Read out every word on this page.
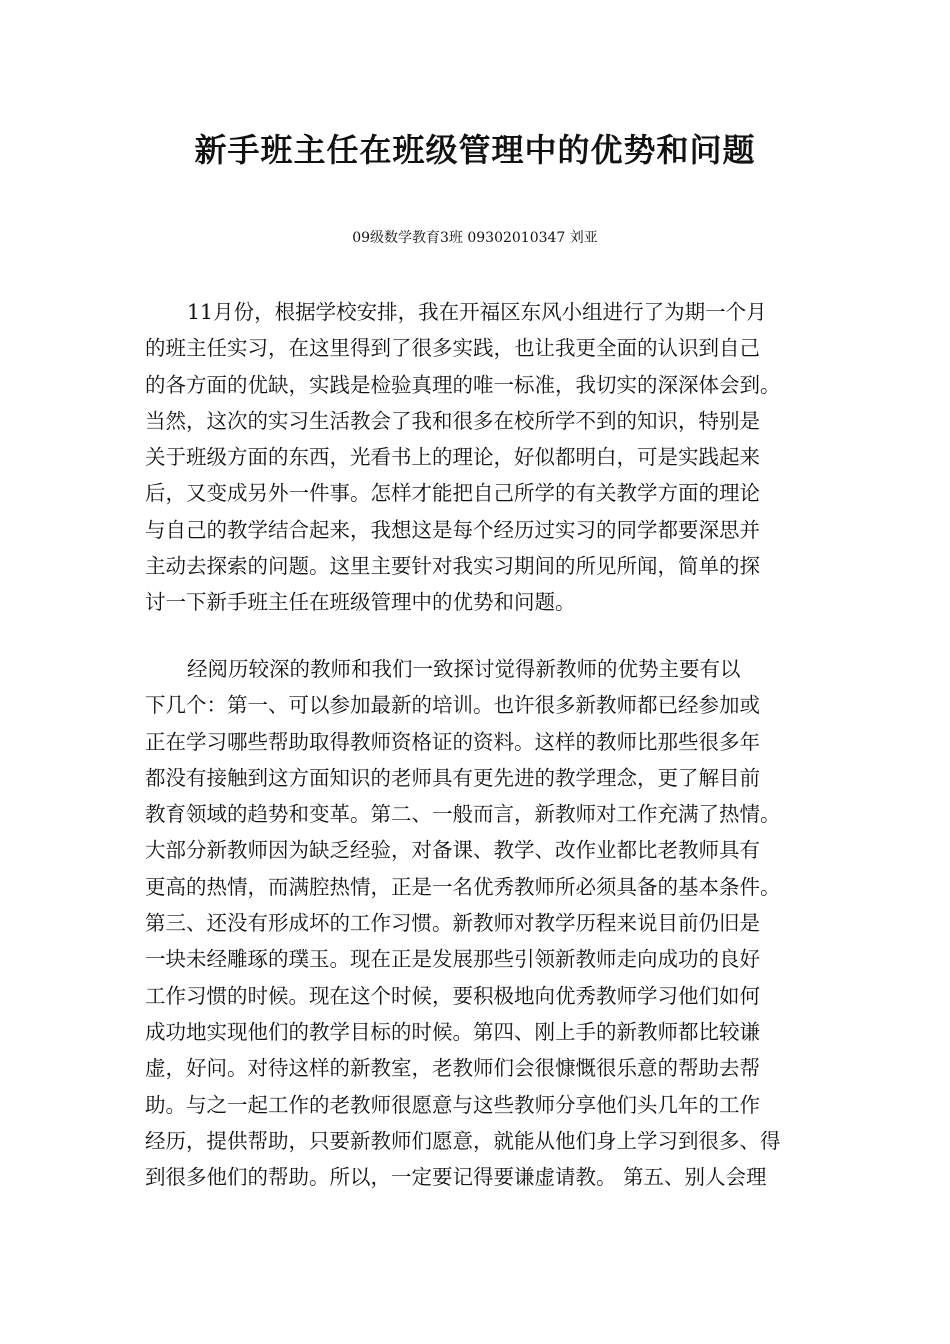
新手班主任在班级管理中的优势和问题

09级数学教育3班 09302010347 刘亚

11月份，根据学校安排，我在开福区东风小组进行了为期一个月
的班主任实习，在这里得到了很多实践，也让我更全面的认识到自己
的各方面的优缺，实践是检验真理的唯一标准，我切实的深深体会到。
当然，这次的实习生活教会了我和很多在校所学不到的知识，特别是
关于班级方面的东西，光看书上的理论，好似都明白，可是实践起来
后，又变成另外一件事。怎样才能把自己所学的有关教学方面的理论
与自己的教学结合起来，我想这是每个经历过实习的同学都要深思并
主动去探索的问题。这里主要针对我实习期间的所见所闻，简单的探
讨一下新手班主任在班级管理中的优势和问题。
经阅历较深的教师和我们一致探讨觉得新教师的优势主要有以
下几个：第一、可以参加最新的培训。也许很多新教师都已经参加或
正在学习哪些帮助取得教师资格证的资料。这样的教师比那些很多年
都没有接触到这方面知识的老师具有更先进的教学理念，更了解目前
教育领域的趋势和变革。第二、一般而言，新教师对工作充满了热情。
大部分新教师因为缺乏经验，对备课、教学、改作业都比老教师具有
更高的热情，而满腔热情，正是一名优秀教师所必须具备的基本条件。
第三、还没有形成坏的工作习惯。新教师对教学历程来说目前仍旧是
一块未经雕琢的璞玉。现在正是发展那些引领新教师走向成功的良好
工作习惯的时候。现在这个时候，要积极地向优秀教师学习他们如何
成功地实现他们的教学目标的时候。第四、刚上手的新教师都比较谦
虚，好问。对待这样的新教室，老教师们会很慷慨很乐意的帮助去帮
助。与之一起工作的老教师很愿意与这些教师分享他们头几年的工作
经历，提供帮助，只要新教师们愿意，就能从他们身上学习到很多、得
到很多他们的帮助。所以，一定要记得要谦虚请教。 第五、别人会理
